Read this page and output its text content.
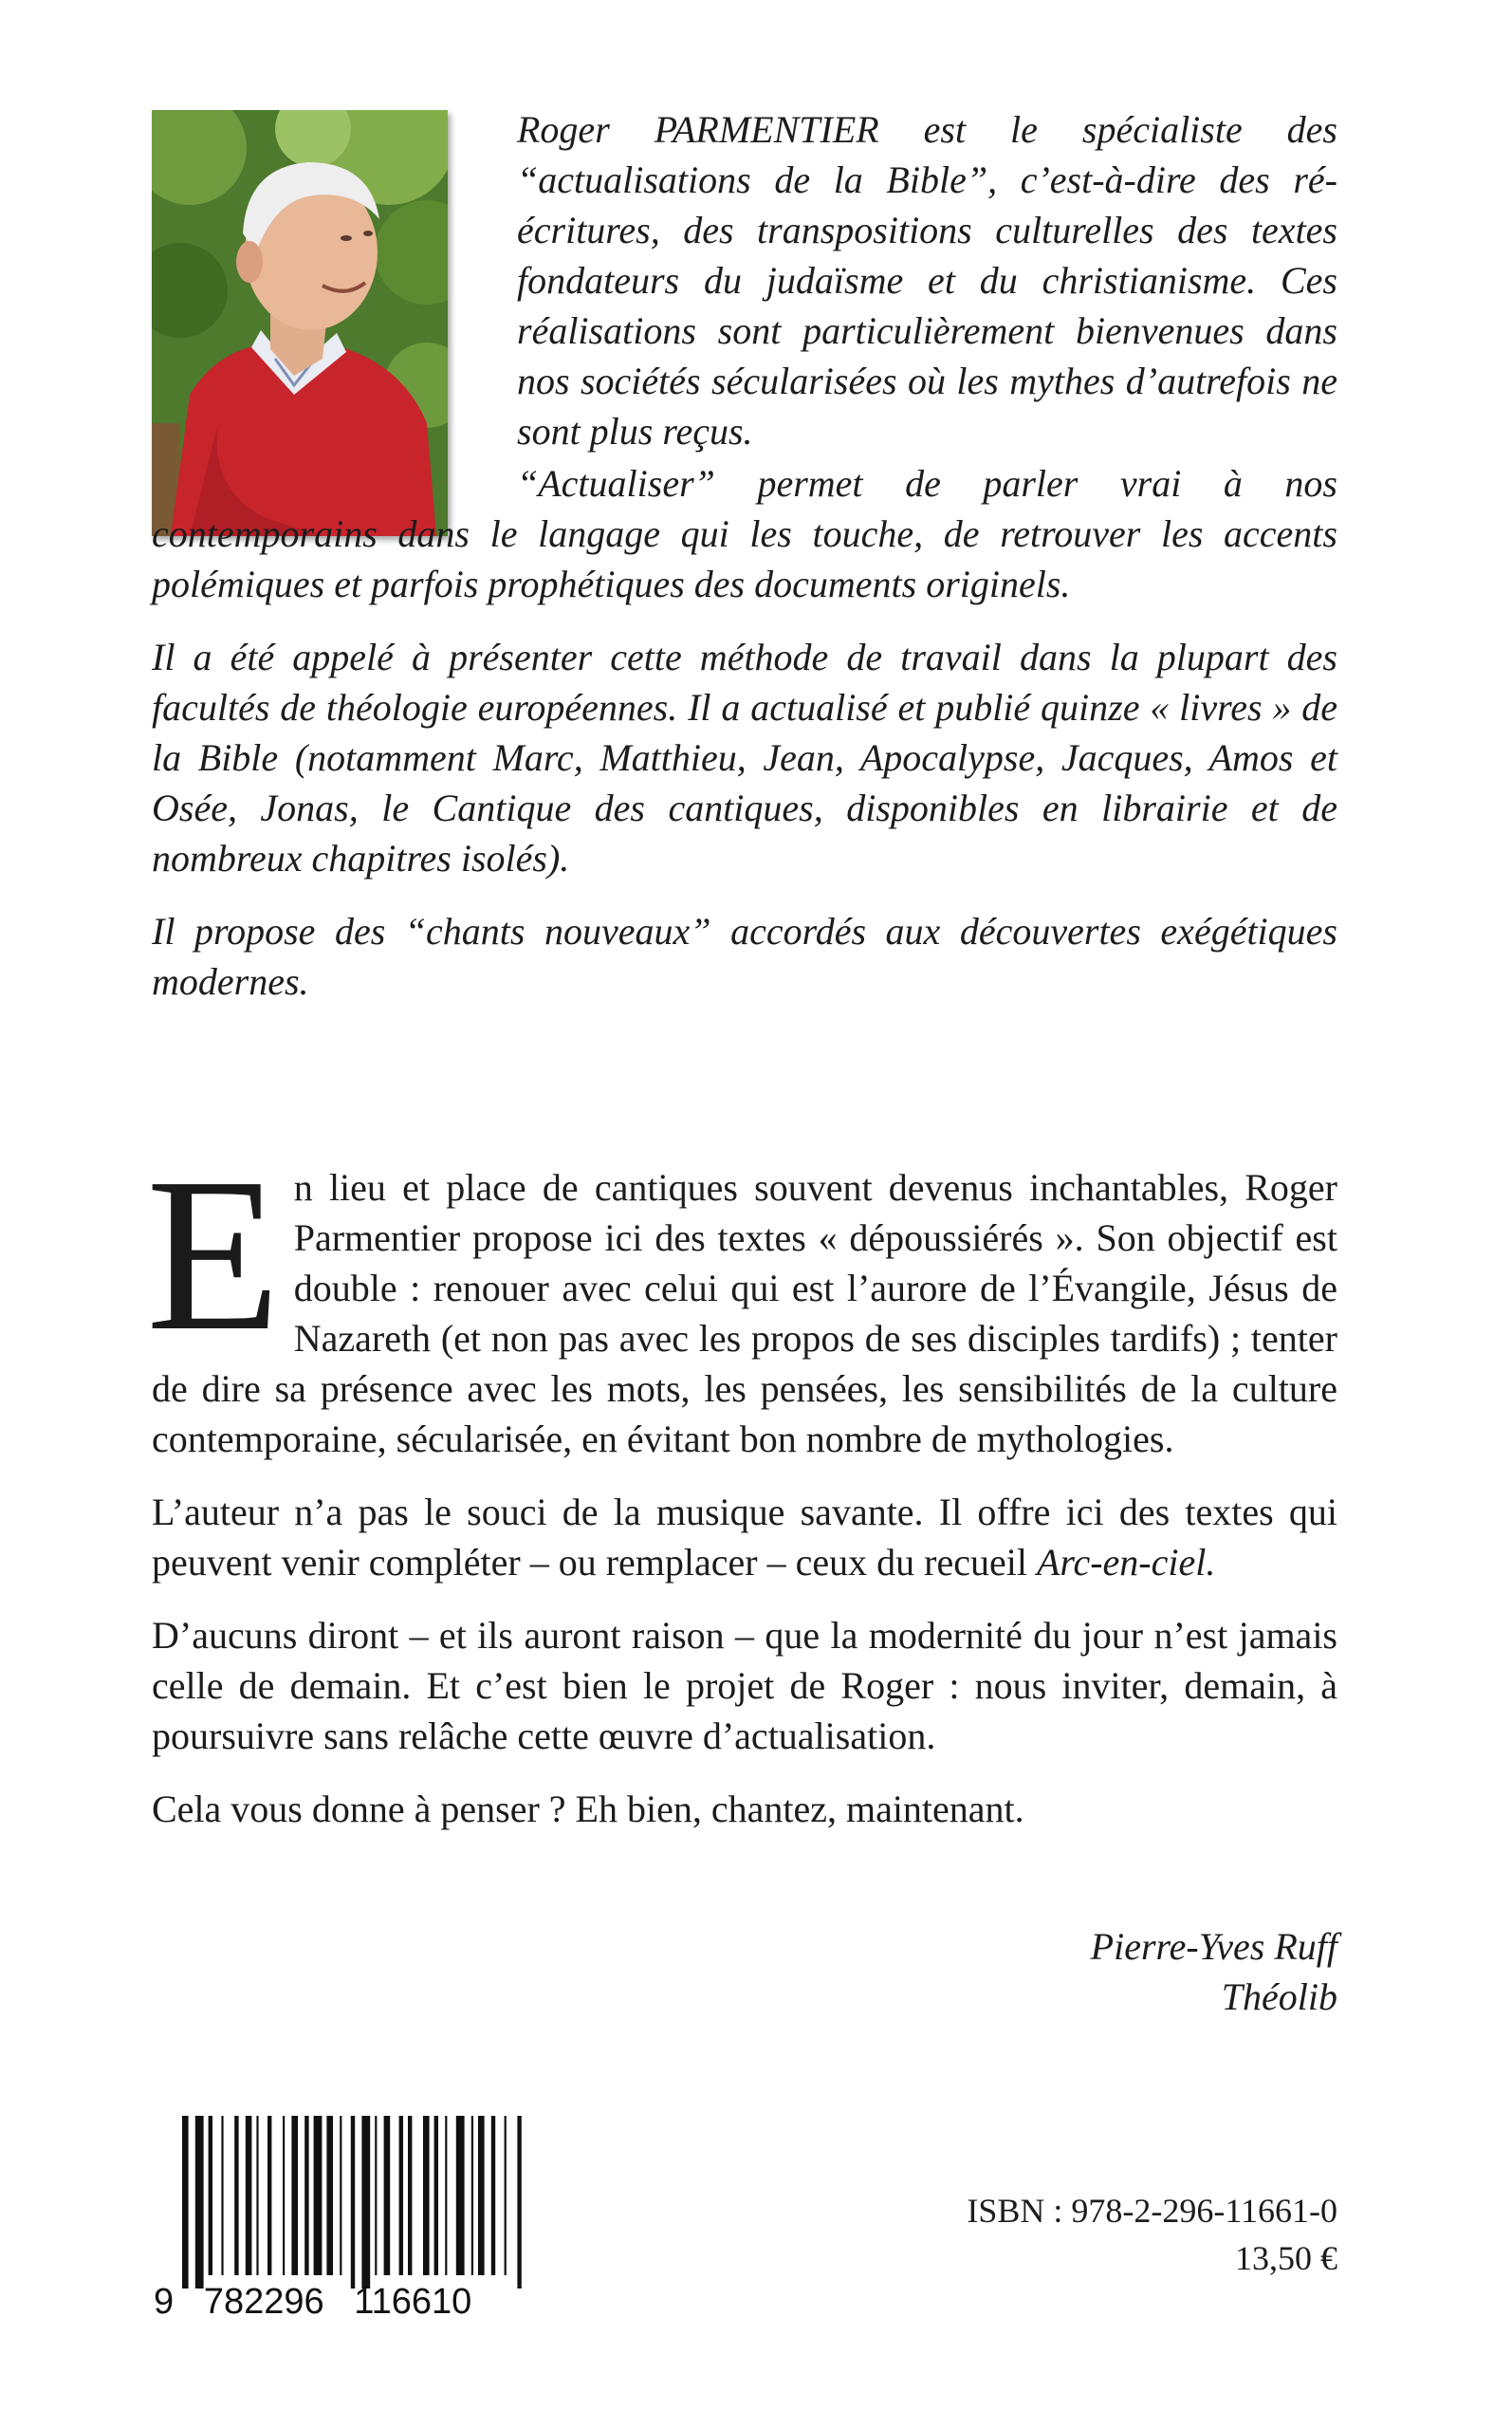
Roger PARMENTIER est le spécialiste des “actualisations de la Bible”, c’est-à-dire des ré-écritures, des transpositions culturelles des textes fondateurs du judaïsme et du christianisme. Ces réalisations sont particulièrement bienvenues dans nos sociétés sécularisées où les mythes d’autrefois ne sont plus reçus.

“Actualiser” permet de parler vrai à nos contemporains dans le langage qui les touche, de retrouver les accents polémiques et parfois prophétiques des documents originels.

Il a été appelé à présenter cette méthode de travail dans la plupart des facultés de théologie européennes. Il a actualisé et publié quinze « livres » de la Bible (notamment Marc, Matthieu, Jean, Apocalypse, Jacques, Amos et Osée, Jonas, le Cantique des cantiques, disponibles en librairie et de nombreux chapitres isolés).

Il propose des “chants nouveaux” accordés aux découvertes exégétiques modernes.

En lieu et place de cantiques souvent devenus inchantables, Roger Parmentier propose ici des textes « dépoussiérés ». Son objectif est double : renouer avec celui qui est l’aurore de l’Évangile, Jésus de Nazareth (et non pas avec les propos de ses disciples tardifs) ; tenter de dire sa présence avec les mots, les pensées, les sensibilités de la culture contemporaine, sécularisée, en évitant bon nombre de mythologies.

L’auteur n’a pas le souci de la musique savante. Il offre ici des textes qui peuvent venir compléter – ou remplacer – ceux du recueil Arc-en-ciel.

D’aucuns diront – et ils auront raison – que la modernité du jour n’est jamais celle de demain. Et c’est bien le projet de Roger : nous inviter, demain, à poursuivre sans relâche cette œuvre d’actualisation.

Cela vous donne à penser ? Eh bien, chantez, maintenant.

Pierre-Yves Ruff
Théolib
9   782296   116610
ISBN : 978-2-296-11661-0
13,50 €
